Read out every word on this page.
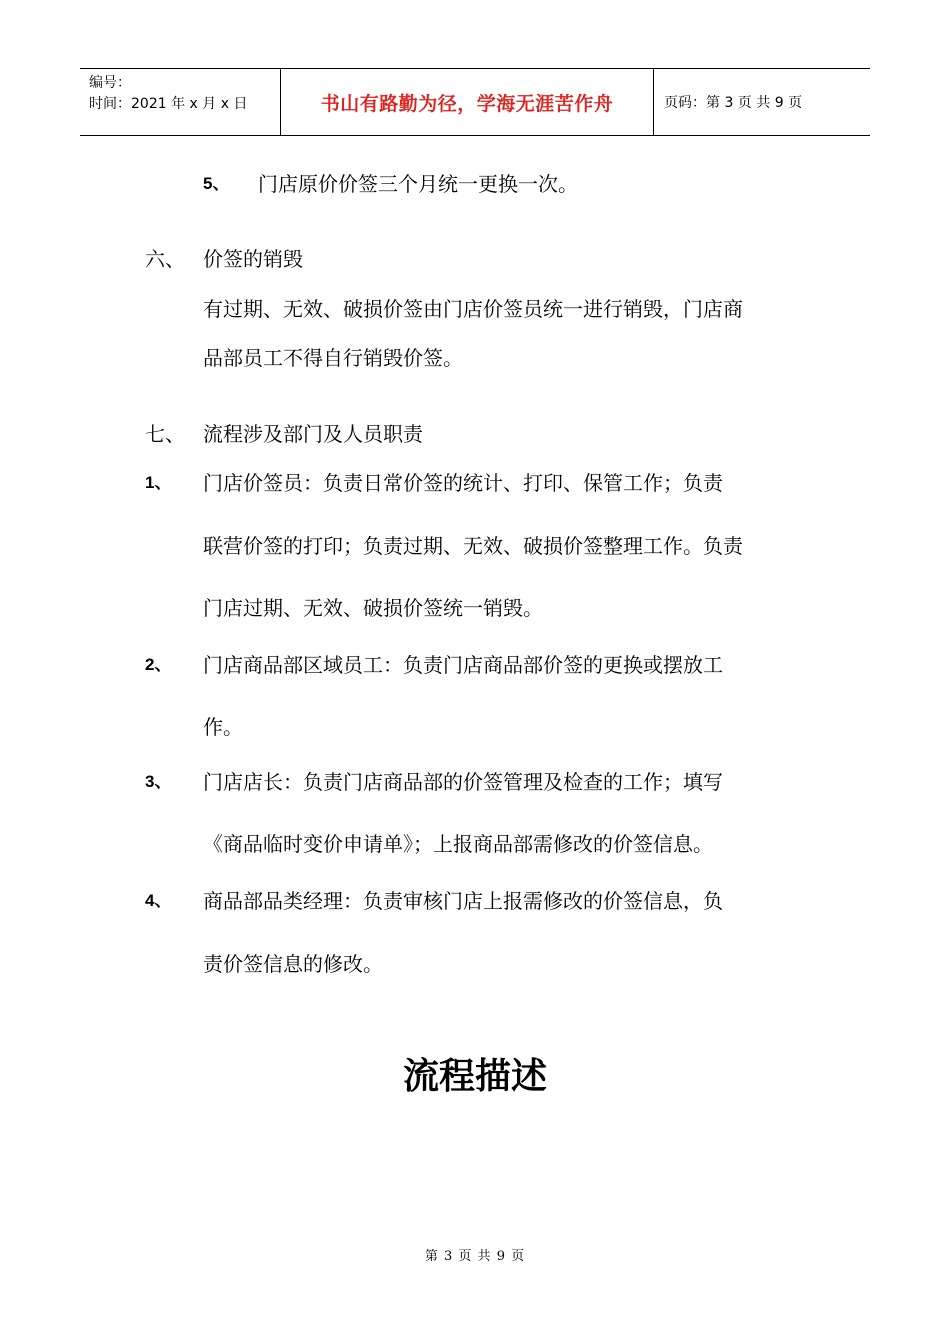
编号：
时间：2021 年 x 月 x 日	书山有路勤为径，学海无涯苦作舟	页码：第 3 页 共 9 页
5、 门店原价价签三个月统一更换一次。
六、 价签的销毁
有过期、无效、破损价签由门店价签员统一进行销毁，门店商
品部员工不得自行销毁价签。
七、 流程涉及部门及人员职责
1、 门店价签员：负责日常价签的统计、打印、保管工作；负责
联营价签的打印；负责过期、无效、破损价签整理工作。负责
门店过期、无效、破损价签统一销毁。
2、 门店商品部区域员工：负责门店商品部价签的更换或摆放工
作。
3、 门店店长：负责门店商品部的价签管理及检查的工作；填写
《商品临时变价申请单》；上报商品部需修改的价签信息。
4、 商品部品类经理：负责审核门店上报需修改的价签信息，负
责价签信息的修改。
流程描述
第 3 页 共 9 页
